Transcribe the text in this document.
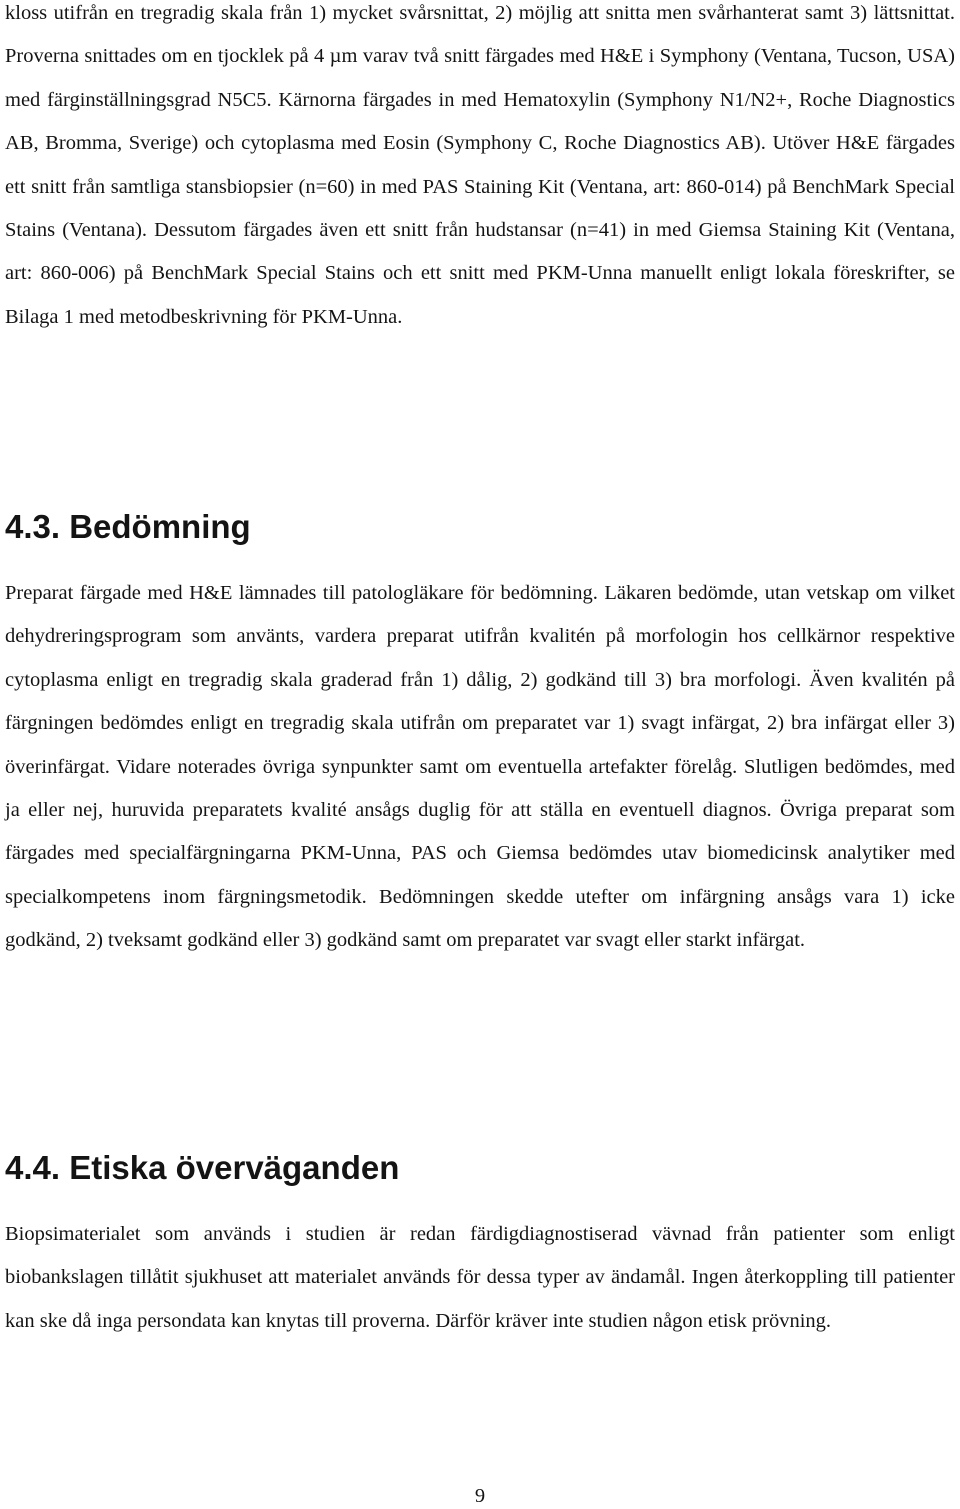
kloss utifrån en tregradig skala från 1) mycket svårsnittat, 2) möjlig att snitta men svårhanterat samt 3) lättsnittat. Proverna snittades om en tjocklek på 4 µm varav två snitt färgades med H&E i Symphony (Ventana, Tucson, USA) med färginställningsgrad N5C5. Kärnorna färgades in med Hematoxylin (Symphony N1/N2+, Roche Diagnostics AB, Bromma, Sverige) och cytoplasma med Eosin (Symphony C, Roche Diagnostics AB). Utöver H&E färgades ett snitt från samtliga stansbiopsier (n=60) in med PAS Staining Kit (Ventana, art: 860-014) på BenchMark Special Stains (Ventana). Dessutom färgades även ett snitt från hudstansar (n=41) in med Giemsa Staining Kit (Ventana, art: 860-006) på BenchMark Special Stains och ett snitt med PKM-Unna manuellt enligt lokala föreskrifter, se Bilaga 1 med metodbeskrivning för PKM-Unna.

4.3. Bedömning

Preparat färgade med H&E lämnades till patologläkare för bedömning. Läkaren bedömde, utan vetskap om vilket dehydreringsprogram som använts, vardera preparat utifrån kvalitén på morfologin hos cellkärnor respektive cytoplasma enligt en tregradig skala graderad från 1) dålig, 2) godkänd till 3) bra morfologi. Även kvalitén på färgningen bedömdes enligt en tregradig skala utifrån om preparatet var 1) svagt infärgat, 2) bra infärgat eller 3) överinfärgat. Vidare noterades övriga synpunkter samt om eventuella artefakter förelåg. Slutligen bedömdes, med ja eller nej, huruvida preparatets kvalité ansågs duglig för att ställa en eventuell diagnos. Övriga preparat som färgades med specialfärgningarna PKM-Unna, PAS och Giemsa bedömdes utav biomedicinsk analytiker med specialkompetens inom färgningsmetodik. Bedömningen skedde utefter om infärgning ansågs vara 1) icke godkänd, 2) tveksamt godkänd eller 3) godkänd samt om preparatet var svagt eller starkt infärgat.

4.4. Etiska överväganden

Biopsimaterialet som används i studien är redan färdigdiagnostiserad vävnad från patienter som enligt biobankslagen tillåtit sjukhuset att materialet används för dessa typer av ändamål. Ingen återkoppling till patienter kan ske då inga persondata kan knytas till proverna. Därför kräver inte studien någon etisk prövning.

9
